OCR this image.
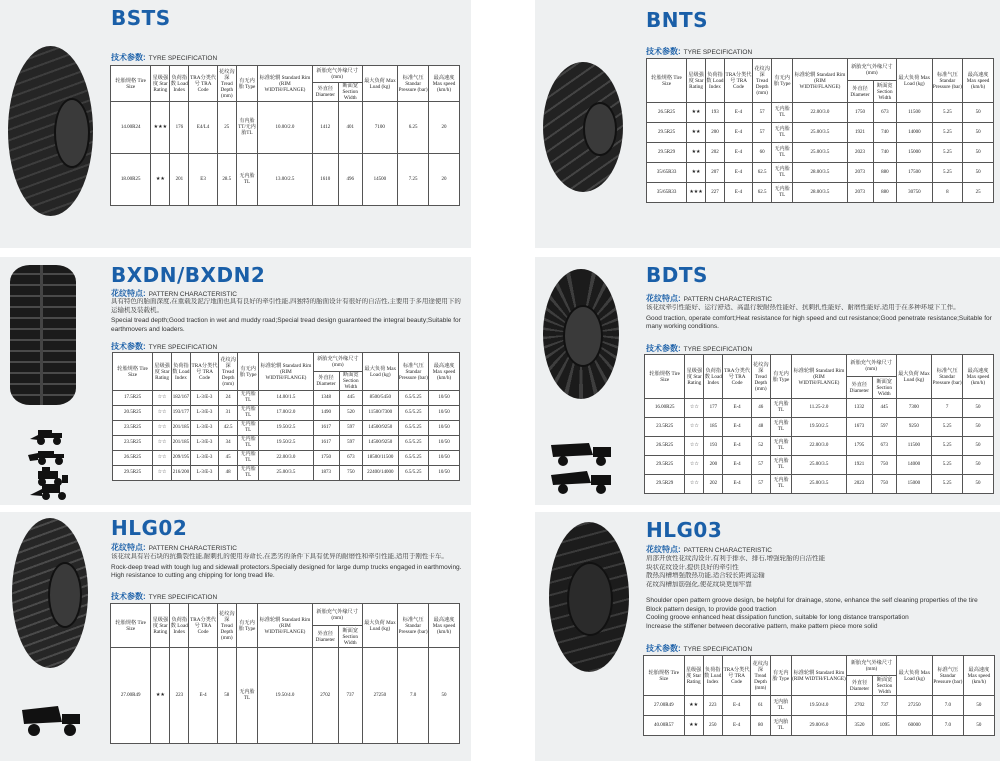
BSTS
技术参数: TYRE SPECIFICATION
轮胎规格 Tire Size	星级强度 Star Rating	负荷指数 Load Index	TRA分类代号 TRA Code	花纹沟深 Tread Depth (mm)	有无内胎 Type	标准轮辋 Standard Rim (RIM WIDTH/FLANGE)	新胎充气外缘尺寸(mm)		最大负荷 Max Load (kg)	标准气压 Standar Pressure (bar)	最高速度 Max speed (km/h)
							外直径 Diameter	断面宽 Section Width			
14.00R24	★★★	176	E4/L4	25	有内胎TT/无内胎TL	10.00/2.0	1412	401	7100	6.25	20
18.00R25	★★	201	E3	28.5	无内胎TL	13.00/2.5	1610	496	14500	7.25	20
BNTS
技术参数: TYRE SPECIFICATION
轮胎规格 Tire Size	星级强度 Star Rating	负荷指数 Load Index	TRA分类代号 TRA Code	花纹沟深 Tread Depth (mm)	有无内胎 Type	标准轮辋 Standard Rim (RIM WIDTH/FLANGE)	新胎充气外缘尺寸(mm)		最大负荷 Max Load (kg)	标准气压 Standar Pressure (bar)	最高速度 Max speed (km/h)
							外直径 Diameter	断面宽 Section Width			
26.5R25	★★	193	E-4	57	无内胎TL	22.00/3.0	1750	673	11500	5.25	50
29.5R25	★★	200	E-4	57	无内胎TL	25.00/3.5	1921	740	14000	5.25	50
29.5R29	★★	202	E-4	60	无内胎TL	25.00/3.5	2023	740	15000	5.25	50
35/65R33	★★	207	E-4	62.5	无内胎TL	28.00/3.5	2073	880	17500	5.25	50
35/65R33	★★★	227	E-4	62.5	无内胎TL	28.00/3.5	2073	880	30750	8	25
BXDN/BXDN2
花纹特点: PATTERN CHARACTERISTIC
具有特色的胎面深度,在重载及泥泞地面也具有良好的牵引性能,四独特的胎面设计有很好的自洁性,主要用于多用途使用下的运输机及装载机。
Special tread depth;Good traction in wet and muddy road;Special tread design guaranteed the integral beauty;Suitable for earthmovers and loaders.
技术参数: TYRE SPECIFICATION
轮胎规格 Tire Size	星级强度 Star Rating	负荷指数 Load Index	TRA分类代号 TRA Code	花纹沟深 Tread Depth (mm)	有无内胎 Type	标准轮辋 Standard Rim (RIM WIDTH/FLANGE)	新胎充气外缘尺寸(mm)		最大负荷 Max Load (kg)	标准气压 Standar Pressure (bar)	最高速度 Max speed (km/h)
							外直径 Diameter	断面宽 Section Width			
17.5R25	☆☆	182/167	L-3/E-3	24	无内胎TL	14.00/1.5	1348	445	8500/5450	6.5/5.25	10/50
20.5R25	☆☆	193/177	L-3/E-3	31	无内胎TL	17.00/2.0	1490	520	11500/7300	6.5/5.25	10/50
23.5R25	☆☆	201/185	L-3/E-3	42.5	无内胎TL	19.50/2.5	1617	597	14500/9250	6.5/5.25	10/50
23.5R25	☆☆	201/185	L-3/E-3	34	无内胎TL	19.50/2.5	1617	597	14500/9250	6.5/5.25	10/50
26.5R25	☆☆	209/195	L-3/E-3	45	无内胎TL	22.00/3.0	1750	673	18500/11500	6.5/5.25	10/50
29.5R25	☆☆	216/200	L-3/E-3	48	无内胎TL	25.00/3.5	1873	750	22400/14000	6.5/5.25	10/50
BDTS
花纹特点: PATTERN CHARACTERISTIC
该花纹牵引性能好、运行舒适、高温行驶耐热性能好、抗刺扎性能好、耐磨性能好,适用于在多种环境下工作。
Good traction, operate comfort;Heat resistance for high speed and cut resistance;Good penetrate resistance;Suitable for many working conditions.
技术参数: TYRE SPECIFICATION
轮胎规格 Tire Size	星级强度 Star Rating	负荷指数 Load Index	TRA分类代号 TRA Code	花纹沟深 Tread Depth (mm)	有无内胎 Type	标准轮辋 Standard Rim (RIM WIDTH/FLANGE)	新胎充气外缘尺寸(mm)		最大负荷 Max Load (kg)	标准气压 Standar Pressure (bar)	最高速度 Max speed (km/h)
							外直径 Diameter	断面宽 Section Width			
16.00R25	☆☆	177	E-4	46	无内胎TL	11.25-2.0	1332	445	7300	7	50
23.5R25	☆☆	185	E-4	48	无内胎TL	19.50/2.5	1673	597	9250	5.25	50
26.5R25	☆☆	193	E-4	52	无内胎TL	22.00/3.0	1795	673	11500	5.25	50
29.5R25	☆☆	200	E-4	57	无内胎TL	25.00/3.5	1921	750	14000	5.25	50
29.5R29	☆☆	202	E-4	57	无内胎TL	25.00/3.5	2023	750	15000	5.25	50
HLG02
花纹特点: PATTERN CHARACTERISTIC
该花纹具有岩石块的抗撕裂性能,耐刺扎的使用寿命长,在恶劣的条件下具有优异的耐磨性和牵引性能,适用于刚性卡车。
Rock-deep tread with tough lug and sidewall protectors.Specially designed for large dump trucks engaged in earthmoving. High resistance to cutting ang chipping for long tread life.
技术参数: TYRE SPECIFICATION
轮胎规格 Tire Size	星级强度 Star Rating	负荷指数 Load Index	TRA分类代号 TRA Code	花纹沟深 Tread Depth (mm)	有无内胎 Type	标准轮辋 Standard Rim (RIM WIDTH/FLANGE)	新胎充气外缘尺寸(mm)		最大负荷 Max Load (kg)	标准气压 Standar Pressure (bar)	最高速度 Max speed (km/h)
							外直径 Diameter	断面宽 Section Width			
27.00R49	★★	223	E-4	58	无内胎TL	19.50/4.0	2702	737	27250	7.0	50
HLG03
花纹特点: PATTERN CHARACTERISTIC
肩部开放性花纹沟设计,有利于排水、排石,增强轮胎的自洁性能
块状花纹设计,提供良好的牵引性
散热沟槽增强散热功能,适合较长距离运输
花纹沟槽加筋强化,使花纹块更加牢靠
Shoulder open pattern groove design, be helpful for drainage, stone, enhance the self cleaning properties of the tire
Block pattern design, to provide good traction
Cooling groove enhanced heat dissipation function, suitable for long distance transportation
Increase the stiffener between decorative pattern, make pattern piece more solid
技术参数: TYRE SPECIFICATION
轮胎规格 Tire Size	星级强度 Star Rating	负荷指数 Load Index	TRA分类代号 TRA Code	花纹沟深 Tread Depth (mm)	有无内胎 Type	标准轮辋 Standard Rim (RIM WIDTH/FLANGE)	新胎充气外缘尺寸(mm)		最大负荷 Max Load (kg)	标准气压 Standar Pressure (bar)	最高速度 Max speed (km/h)
							外直径 Diameter	断面宽 Section Width			
27.00R49	★★	223	E-4	61	无内胎TL	19.50/4.0	2702	737	27250	7.0	50
40.00R57	★★	250	E-4	80	无内胎TL	29.00/6.0	3520	1095	60000	7.0	50
